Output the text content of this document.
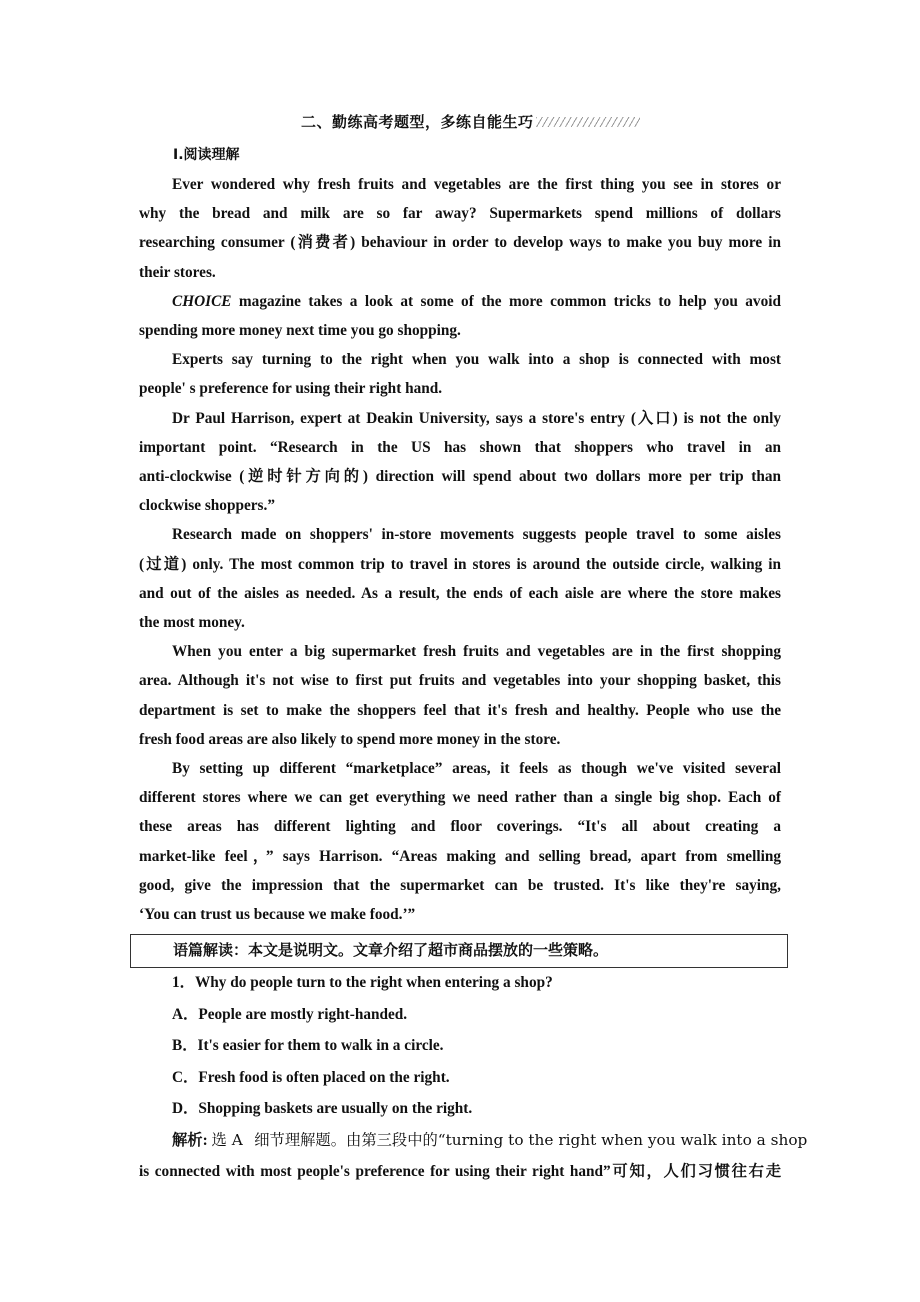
二、勤练高考题型，多练自能生巧
Ⅰ.阅读理解
Ever wondered why fresh fruits and vegetables are the first thing you see in stores or
why the bread and milk are so far away? Supermarkets spend millions of dollars
researching consumer (消费者) behaviour in order to develop ways to make you buy more in
their stores.
CHOICE magazine takes a look at some of the more common tricks to help you avoid
spending more money next time you go shopping.
Experts say turning to the right when you walk into a shop is connected with most
people' s preference for using their right hand.
Dr Paul Harrison, expert at Deakin University, says a store's entry (入口) is not the only
important point. “Research in the US has shown that shoppers who travel in an
anti-clockwise (逆时针方向的) direction will spend about two dollars more per trip than
clockwise shoppers.”
Research made on shoppers' in-store movements suggests people travel to some aisles
(过道) only. The most common trip to travel in stores is around the outside circle, walking in
and out of the aisles as needed. As a result, the ends of each aisle are where the store makes
the most money.
When you enter a big supermarket fresh fruits and vegetables are in the first shopping
area. Although it's not wise to first put fruits and vegetables into your shopping basket, this
department is set to make the shoppers feel that it's fresh and healthy. People who use the
fresh food areas are also likely to spend more money in the store.
By setting up different “marketplace” areas, it feels as though we've visited several
different stores where we can get everything we need rather than a single big shop. Each of
these areas has different lighting and floor coverings. “It's all about creating a
market-like feel，” says Harrison. “Areas making and selling bread, apart from smelling
good, give the impression that the supermarket can be trusted. It's like they're saying,
‘You can trust us because we make food.’”
语篇解读：本文是说明文。文章介绍了超市商品摆放的一些策略。
1．Why do people turn to the right when entering a shop?
A．People are mostly right-handed.
B．It's easier for them to walk in a circle.
C．Fresh food is often placed on the right.
D．Shopping baskets are usually on the right.
解析: 选 A 细节理解题。由第三段中的“turning to the right when you walk into a shop
is connected with most people's preference for using their right hand”可知，人们习惯往右走
